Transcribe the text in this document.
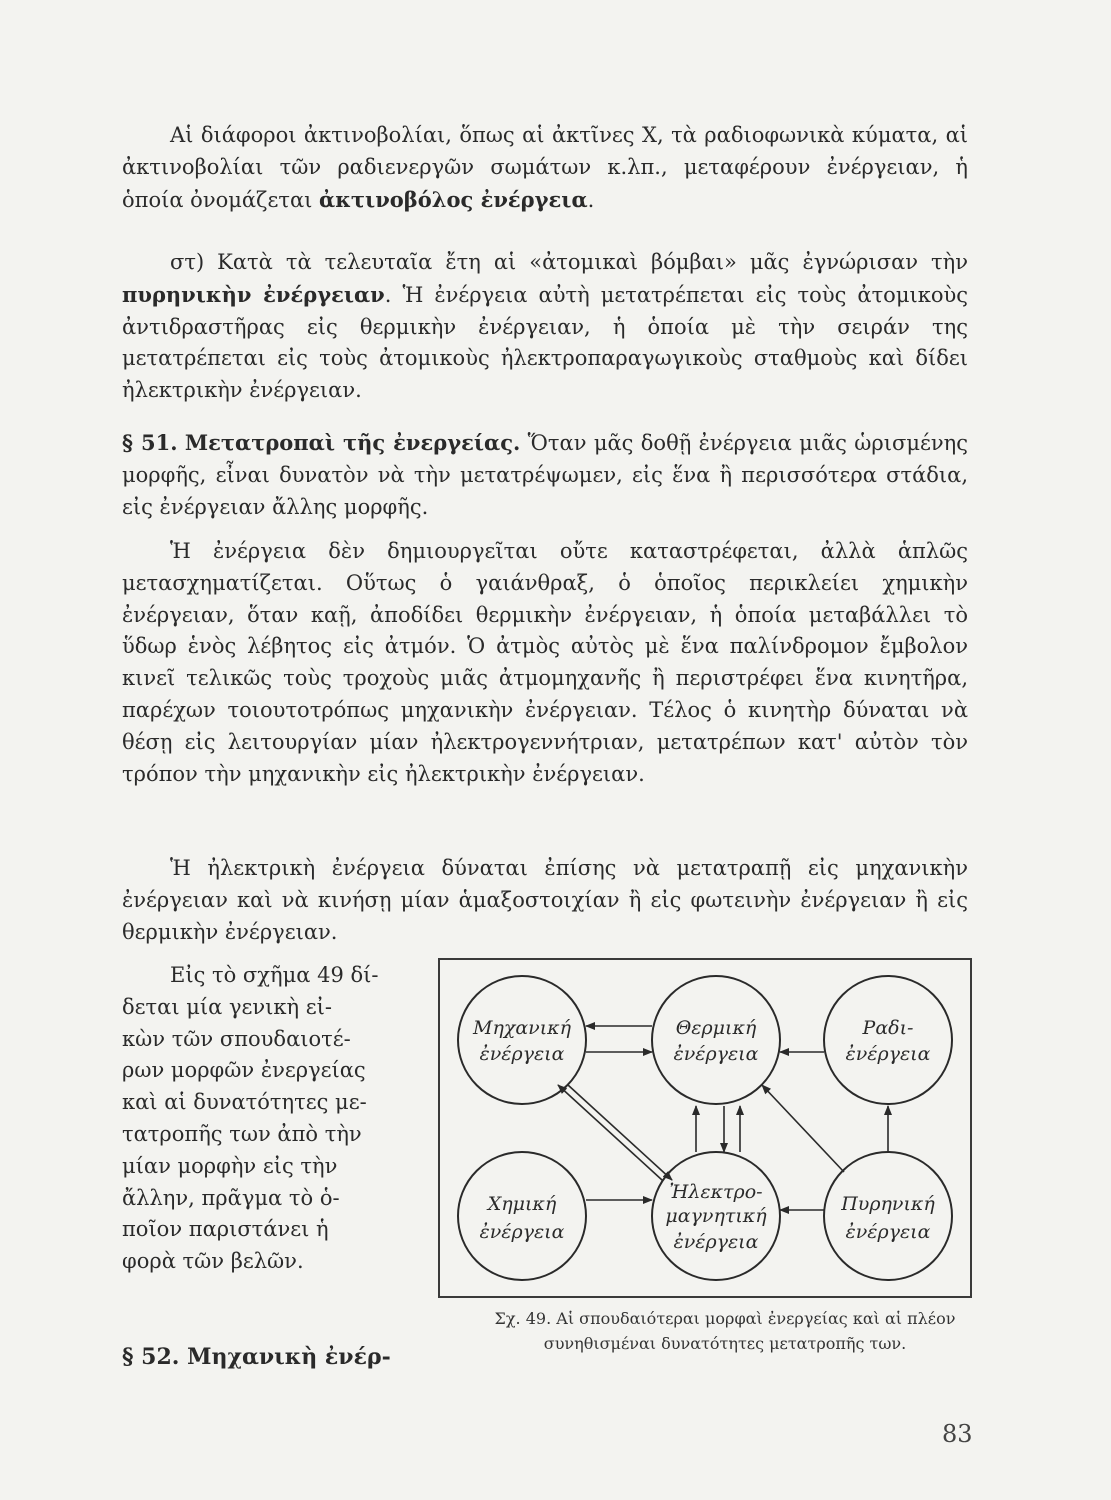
Αἱ διάφοροι ἀκτινοβολίαι, ὅπως αἱ ἀκτῖνες Χ, τὰ ραδιοφωνικὰ κύματα, αἱ ἀκτινοβολίαι τῶν ραδιενεργῶν σωμάτων κ.λπ., μεταφέρουν ἐνέργειαν, ἡ ὁποία ὀνομάζεται ἀκτινοβόλος ἐνέργεια.

στ) Κατὰ τὰ τελευταῖα ἔτη αἱ «ἀτομικαὶ βόμβαι» μᾶς ἐγνώρισαν τὴν πυρηνικὴν ἐνέργειαν. Ἡ ἐνέργεια αὐτὴ μετατρέπεται εἰς τοὺς ἀτομικοὺς ἀντιδραστῆρας εἰς θερμικὴν ἐνέργειαν, ἡ ὁποία μὲ τὴν σειράν της μετατρέπεται εἰς τοὺς ἀτομικοὺς ἠλεκτροπαραγωγικοὺς σταθμοὺς καὶ δίδει ἠλεκτρικὴν ἐνέργειαν.

§ 51. Μετατροπαὶ τῆς ἐνεργείας. Ὅταν μᾶς δοθῇ ἐνέργεια μιᾶς ὡρισμένης μορφῆς, εἶναι δυνατὸν νὰ τὴν μετατρέψωμεν, εἰς ἕνα ἢ περισσότερα στάδια, εἰς ἐνέργειαν ἄλλης μορφῆς.

Ἡ ἐνέργεια δὲν δημιουργεῖται οὔτε καταστρέφεται, ἀλλὰ ἁπλῶς μετασχηματίζεται. Οὕτως ὁ γαιάνθραξ, ὁ ὁποῖος περικλείει χημικὴν ἐνέργειαν, ὅταν καῇ, ἀποδίδει θερμικὴν ἐνέργειαν, ἡ ὁποία μεταβάλλει τὸ ὕδωρ ἑνὸς λέβητος εἰς ἀτμόν. Ὁ ἀτμὸς αὐτὸς μὲ ἕνα παλίνδρομον ἔμβολον κινεῖ τελικῶς τοὺς τροχοὺς μιᾶς ἀτμομηχανῆς ἢ περιστρέφει ἕνα κινητῆρα, παρέχων τοιουτοτρόπως μηχανικὴν ἐνέργειαν. Τέλος ὁ κινητὴρ δύναται νὰ θέσῃ εἰς λειτουργίαν μίαν ἠλεκτρογεννήτριαν, μετατρέπων κατ' αὐτὸν τὸν τρόπον τὴν μηχανικὴν εἰς ἠλεκτρικὴν ἐνέργειαν.

Ἡ ἠλεκτρικὴ ἐνέργεια δύναται ἐπίσης νὰ μετατραπῇ εἰς μηχανικὴν ἐνέργειαν καὶ νὰ κινήσῃ μίαν ἁμαξοστοιχίαν ἢ εἰς φωτεινὴν ἐνέργειαν ἢ εἰς θερμικὴν ἐνέργειαν.

Εἰς τὸ σχῆμα 49 δί-
δεται μία γενικὴ εἰ-
κὼν τῶν σπουδαιοτέ-
ρων μορφῶν ἐνεργείας
καὶ αἱ δυνατότητες με-
τατροπῆς των ἀπὸ τὴν
μίαν μορφὴν εἰς τὴν
ἄλλην, πρᾶγμα τὸ ὁ-
ποῖον παριστάνει ἡ
φορὰ τῶν βελῶν.
§ 52. Μηχανικὴ ἐνέρ-
Μηχανική
ἐνέργεια
Θερμική
ἐνέργεια
Ραδι-
ἐνέργεια
Χημική
ἐνέργεια
Ἠλεκτρο-
μαγνητική
ἐνέργεια
Πυρηνική
ἐνέργεια
Σχ. 49. Αἱ σπουδαιότεραι μορφαὶ ἐνεργείας καὶ αἱ πλέον συνηθισμέναι δυνατότητες μετατροπῆς των.
83
